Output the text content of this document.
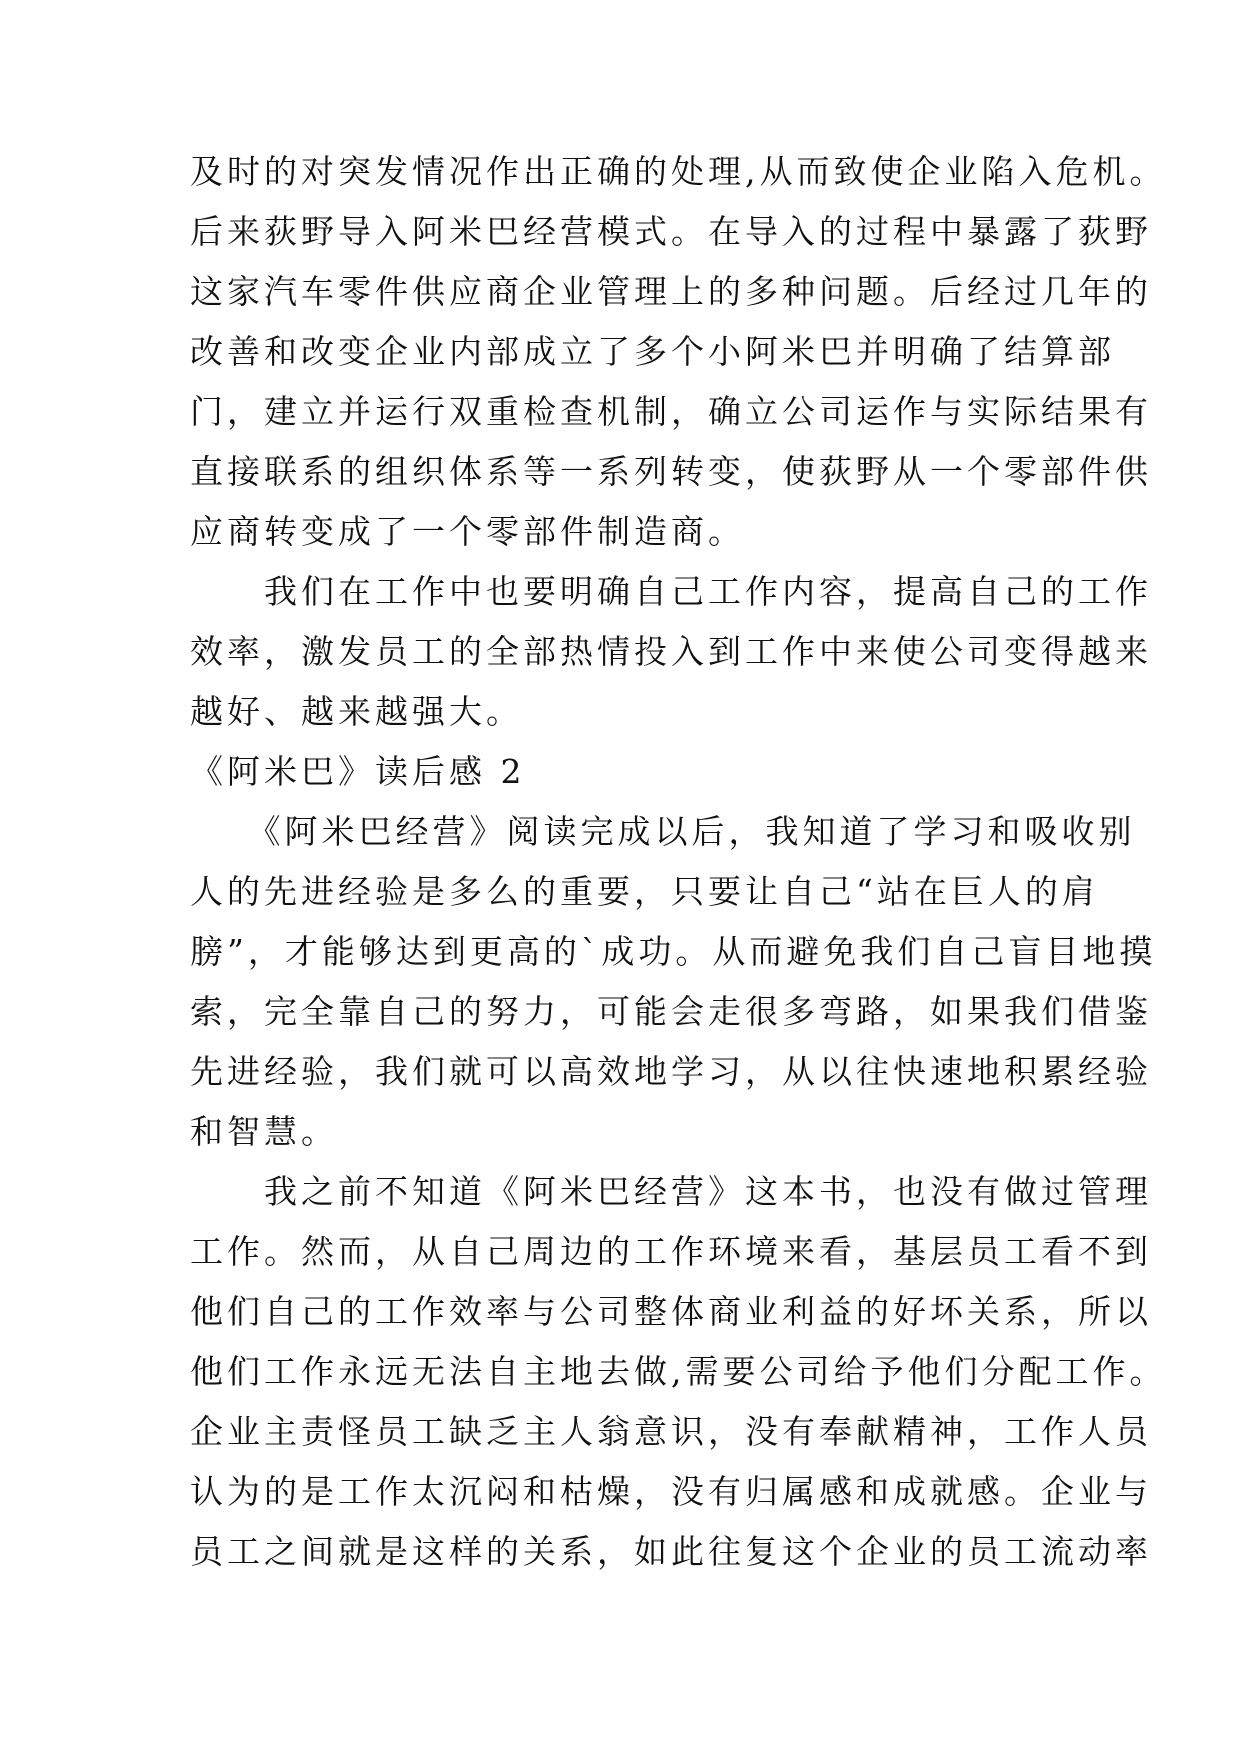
及时的对突发情况作出正确的处理,从而致使企业陷入危机。
后来荻野导入阿米巴经营模式。在导入的过程中暴露了荻野
这家汽车零件供应商企业管理上的多种问题。后经过几年的
改善和改变企业内部成立了多个小阿米巴并明确了结算部
门，建立并运行双重检查机制，确立公司运作与实际结果有
直接联系的组织体系等一系列转变，使荻野从一个零部件供
应商转变成了一个零部件制造商。
　　我们在工作中也要明确自己工作内容，提高自己的工作
效率，激发员工的全部热情投入到工作中来使公司变得越来
越好、越来越强大。
《阿米巴》读后感 2
　　《阿米巴经营》阅读完成以后，我知道了学习和吸收别
人的先进经验是多么的重要，只要让自己“站在巨人的肩
膀”，才能够达到更高的`成功。从而避免我们自己盲目地摸
索，完全靠自己的努力，可能会走很多弯路，如果我们借鉴
先进经验，我们就可以高效地学习，从以往快速地积累经验
和智慧。
　　我之前不知道《阿米巴经营》这本书，也没有做过管理
工作。然而，从自己周边的工作环境来看，基层员工看不到
他们自己的工作效率与公司整体商业利益的好坏关系，所以
他们工作永远无法自主地去做,需要公司给予他们分配工作。
企业主责怪员工缺乏主人翁意识，没有奉献精神，工作人员
认为的是工作太沉闷和枯燥，没有归属感和成就感。企业与
员工之间就是这样的关系，如此往复这个企业的员工流动率
